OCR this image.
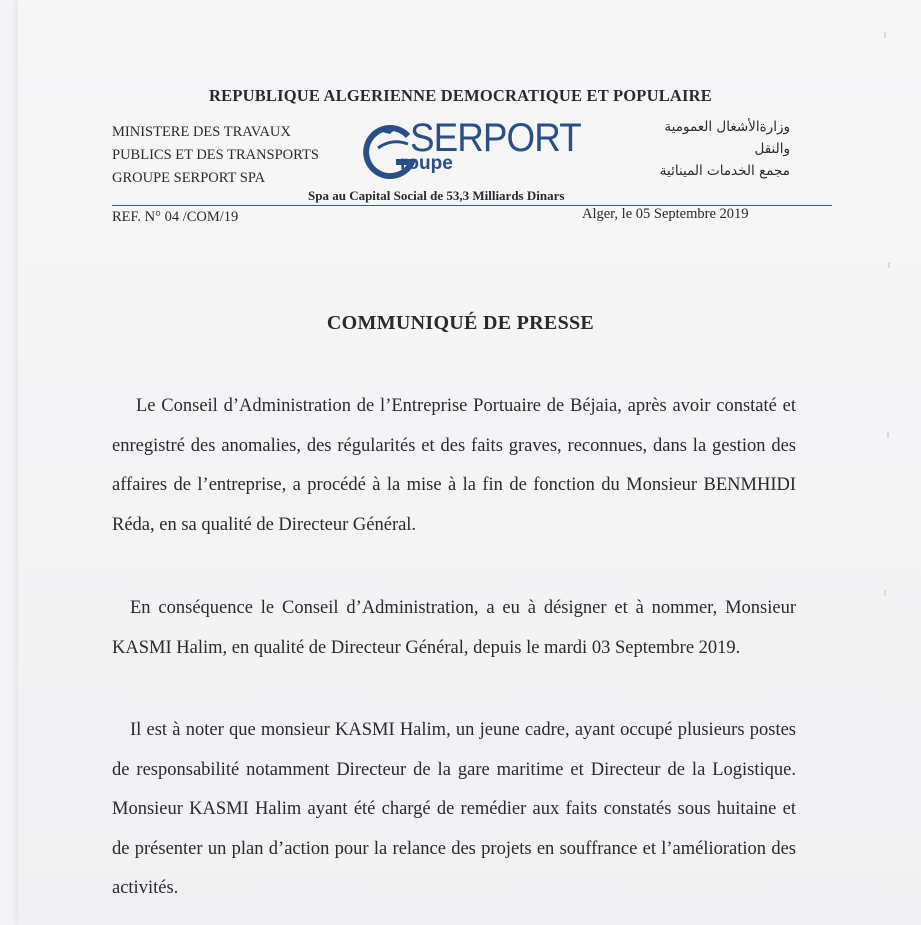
REPUBLIQUE ALGERIENNE DEMOCRATIQUE ET POPULAIRE
MINISTERE DES TRAVAUX
PUBLICS ET DES TRANSPORTS
GROUPE SERPORT SPA
SERPORT
roupe
وزارةالأشغال العمومية
والنقل
مجمع الخدمات المينائية
Spa au Capital Social de 53,3 Milliards Dinars
REF. N° 04 /COM/19	Alger, le 05 Septembre 2019
COMMUNIQUÉ DE PRESSE
Le Conseil d’Administration de l’Entreprise Portuaire de Béjaia, après avoir constaté et enregistré des anomalies, des régularités et des faits graves, reconnues, dans la gestion des affaires de l’entreprise, a procédé à la mise à la fin de fonction du Monsieur BENMHIDI Réda, en sa qualité de Directeur Général.
En conséquence le Conseil d’Administration, a eu à désigner et à nommer, Monsieur KASMI Halim, en qualité de Directeur Général, depuis le mardi 03 Septembre 2019.
Il est à noter que monsieur KASMI Halim, un jeune cadre, ayant occupé plusieurs postes de responsabilité notamment Directeur de la gare maritime et Directeur de la Logistique. Monsieur KASMI Halim ayant été chargé de remédier aux faits constatés sous huitaine et de présenter un plan d’action pour la relance des projets en souffrance et l’amélioration des activités.
